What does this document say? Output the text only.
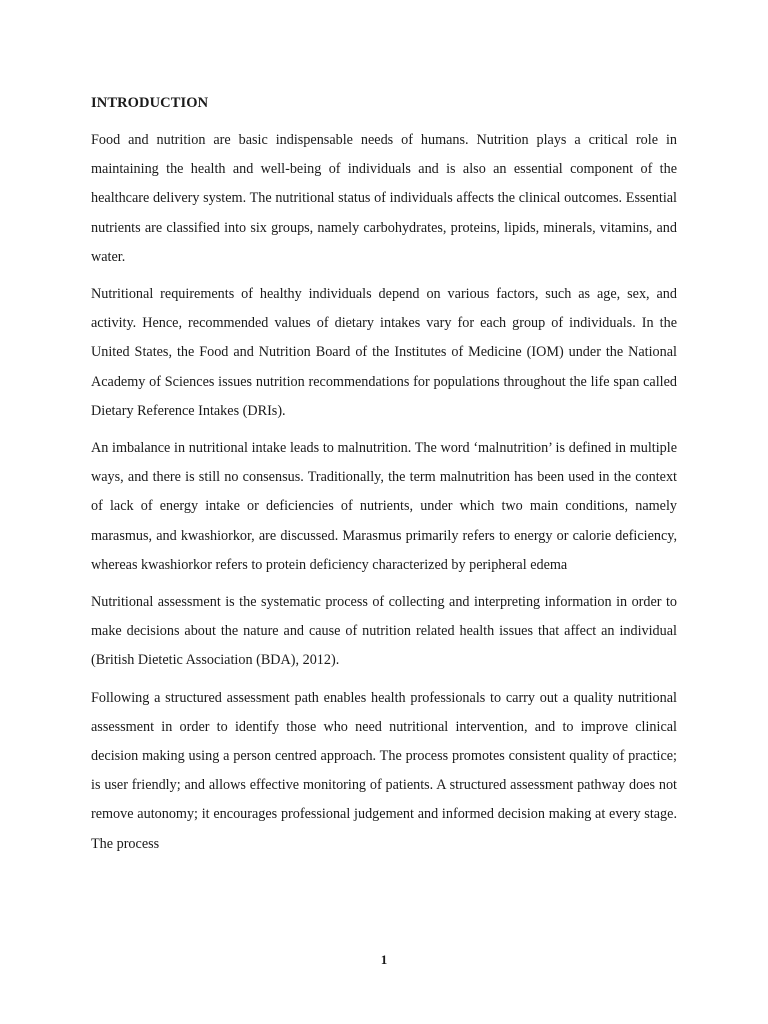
INTRODUCTION

Food and nutrition are basic indispensable needs of humans. Nutrition plays a critical role in maintaining the health and well-being of individuals and is also an essential component of the healthcare delivery system. The nutritional status of individuals affects the clinical outcomes. Essential nutrients are classified into six groups, namely carbohydrates, proteins, lipids, minerals, vitamins, and water.

Nutritional requirements of healthy individuals depend on various factors, such as age, sex, and activity. Hence, recommended values of dietary intakes vary for each group of individuals. In the United States, the Food and Nutrition Board of the Institutes of Medicine (IOM) under the National Academy of Sciences issues nutrition recommendations for populations throughout the life span called Dietary Reference Intakes (DRIs).

An imbalance in nutritional intake leads to malnutrition. The word ‘malnutrition’ is defined in multiple ways, and there is still no consensus. Traditionally, the term malnutrition has been used in the context of lack of energy intake or deficiencies of nutrients, under which two main conditions, namely marasmus, and kwashiorkor, are discussed. Marasmus primarily refers to energy or calorie deficiency, whereas kwashiorkor refers to protein deficiency characterized by peripheral edema

Nutritional assessment is the systematic process of collecting and interpreting information in order to make decisions about the nature and cause of nutrition related health issues that affect an individual (British Dietetic Association (BDA), 2012).

Following a structured assessment path enables health professionals to carry out a quality nutritional assessment in order to identify those who need nutritional intervention, and to improve clinical decision making using a person centred approach. The process promotes consistent quality of practice; is user friendly; and allows effective monitoring of patients. A structured assessment pathway does not remove autonomy; it encourages professional judgement and informed decision making at every stage. The process

1
